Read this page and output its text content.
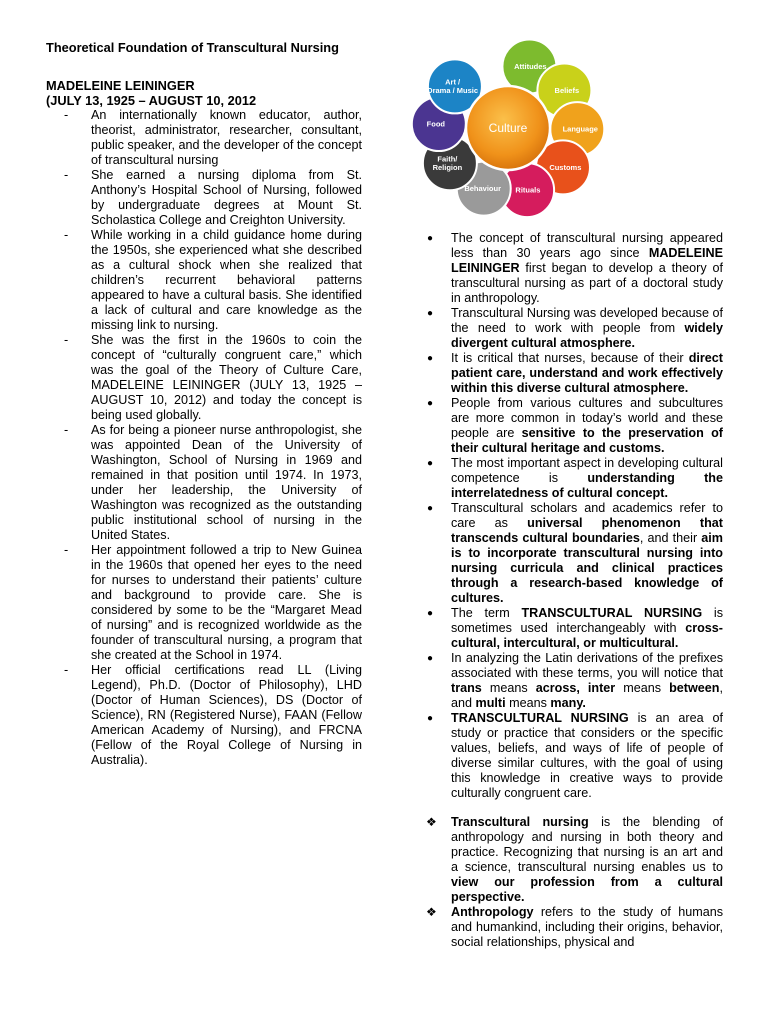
Theoretical Foundation of Transcultural Nursing
MADELEINE LEININGER
(JULY 13, 1925 – AUGUST 10, 2012
Attitudes
Beliefs
Language
Customs
Rituals
Behaviour
Faith/ Religion
Food
Art / Drama / Music
Culture
- An internationally known educator, author, theorist, administrator, researcher, consultant, public speaker, and the developer of the concept of transcultural nursing
- She earned a nursing diploma from St. Anthony’s Hospital School of Nursing, followed by undergraduate degrees at Mount St. Scholastica College and Creighton University.
- While working in a child guidance home during the 1950s, she experienced what she described as a cultural shock when she realized that children’s recurrent behavioral patterns appeared to have a cultural basis. She identified a lack of cultural and care knowledge as the missing link to nursing.
- She was the first in the 1960s to coin the concept of “culturally congruent care,” which was the goal of the Theory of Culture Care, MADELEINE LEININGER (JULY 13, 1925 – AUGUST 10, 2012) and today the concept is being used globally.
- As for being a pioneer nurse anthropologist, she was appointed Dean of the University of Washington, School of Nursing in 1969 and remained in that position until 1974. In 1973, under her leadership, the University of Washington was recognized as the outstanding public institutional school of nursing in the United States.
- Her appointment followed a trip to New Guinea in the 1960s that opened her eyes to the need for nurses to understand their patients’ culture and background to provide care. She is considered by some to be the “Margaret Mead of nursing” and is recognized worldwide as the founder of transcultural nursing, a program that she created at the School in 1974.
- Her official certifications read LL (Living Legend), Ph.D. (Doctor of Philosophy), LHD (Doctor of Human Sciences), DS (Doctor of Science), RN (Registered Nurse), FAAN (Fellow American Academy of Nursing), and FRCNA (Fellow of the Royal College of Nursing in Australia).
● The concept of transcultural nursing appeared less than 30 years ago since MADELEINE LEININGER first began to develop a theory of transcultural nursing as part of a doctoral study in anthropology.
● Transcultural Nursing was developed because of the need to work with people from widely divergent cultural atmosphere.
● It is critical that nurses, because of their direct patient care, understand and work effectively within this diverse cultural atmosphere.
● People from various cultures and subcultures are more common in today’s world and these people are sensitive to the preservation of their cultural heritage and customs.
● The most important aspect in developing cultural competence is understanding the interrelatedness of cultural concept.
● Transcultural scholars and academics refer to care as universal phenomenon that transcends cultural boundaries, and their aim is to incorporate transcultural nursing into nursing curricula and clinical practices through a research-based knowledge of cultures.
● The term TRANSCULTURAL NURSING is sometimes used interchangeably with cross-cultural, intercultural, or multicultural.
● In analyzing the Latin derivations of the prefixes associated with these terms, you will notice that trans means across, inter means between, and multi means many.
● TRANSCULTURAL NURSING is an area of study or practice that considers or the specific values, beliefs, and ways of life of people of diverse similar cultures, with the goal of using this knowledge in creative ways to provide culturally congruent care.
❖ Transcultural nursing is the blending of anthropology and nursing in both theory and practice. Recognizing that nursing is an art and a science, transcultural nursing enables us to view our profession from a cultural perspective.
❖ Anthropology refers to the study of humans and humankind, including their origins, behavior, social relationships, physical and
